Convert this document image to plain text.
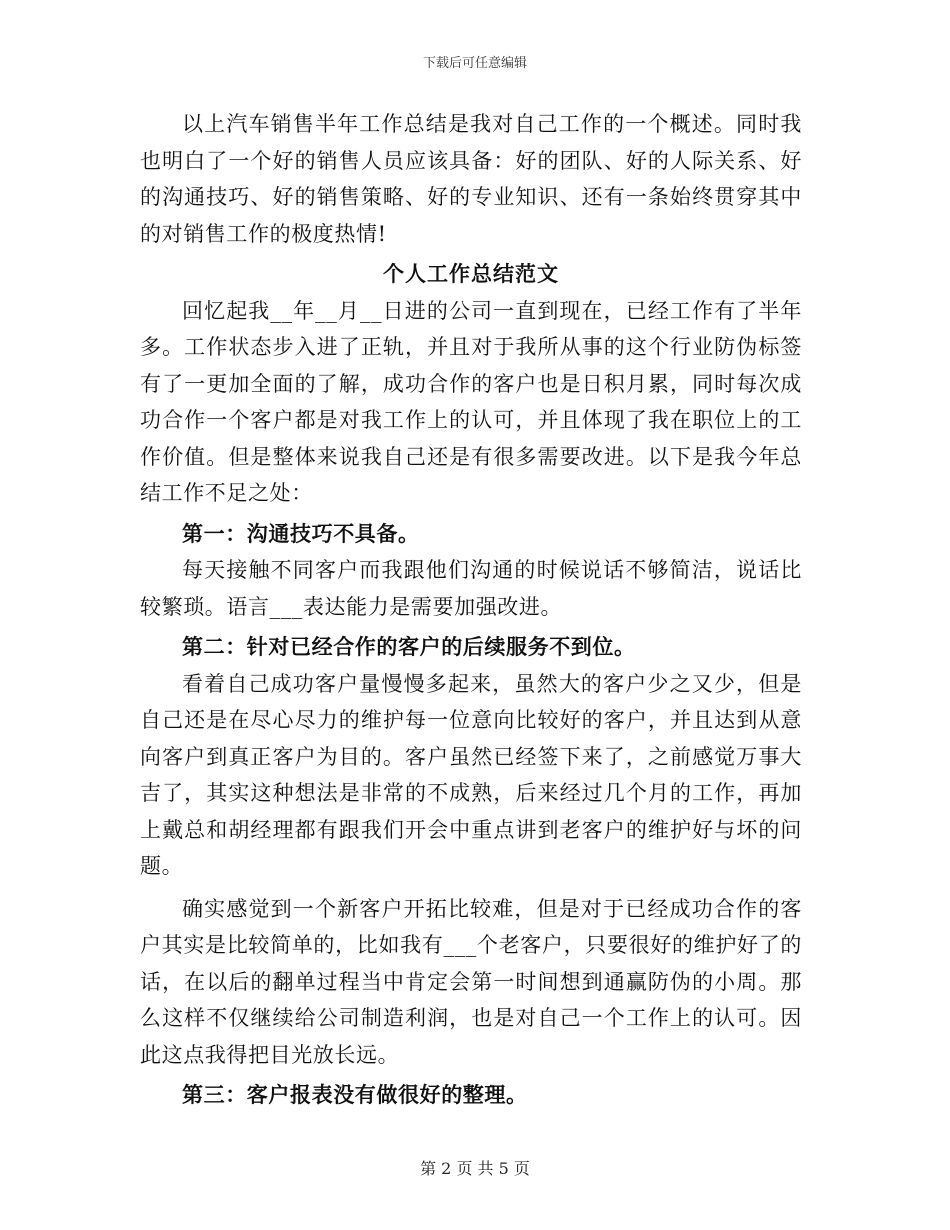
下载后可任意编辑

以上汽车销售半年工作总结是我对自己工作的一个概述。同时我也明白了一个好的销售人员应该具备：好的团队、好的人际关系、好的沟通技巧、好的销售策略、好的专业知识、还有一条始终贯穿其中的对销售工作的极度热情!

个人工作总结范文

回忆起我__年__月__日进的公司一直到现在，已经工作有了半年多。工作状态步入进了正轨，并且对于我所从事的这个行业防伪标签有了一更加全面的了解，成功合作的客户也是日积月累，同时每次成功合作一个客户都是对我工作上的认可，并且体现了我在职位上的工作价值。但是整体来说我自己还是有很多需要改进。以下是我今年总结工作不足之处：

第一：沟通技巧不具备。

每天接触不同客户而我跟他们沟通的时候说话不够简洁，说话比较繁琐。语言___表达能力是需要加强改进。

第二：针对已经合作的客户的后续服务不到位。

看着自己成功客户量慢慢多起来，虽然大的客户少之又少，但是自己还是在尽心尽力的维护每一位意向比较好的客户，并且达到从意向客户到真正客户为目的。客户虽然已经签下来了，之前感觉万事大吉了，其实这种想法是非常的不成熟，后来经过几个月的工作，再加上戴总和胡经理都有跟我们开会中重点讲到老客户的维护好与坏的问题。

确实感觉到一个新客户开拓比较难，但是对于已经成功合作的客户其实是比较简单的，比如我有___个老客户，只要很好的维护好了的话，在以后的翻单过程当中肯定会第一时间想到通赢防伪的小周。那么这样不仅继续给公司制造利润，也是对自己一个工作上的认可。因此这点我得把目光放长远。

第三：客户报表没有做很好的整理。
第 2 页 共 5 页
